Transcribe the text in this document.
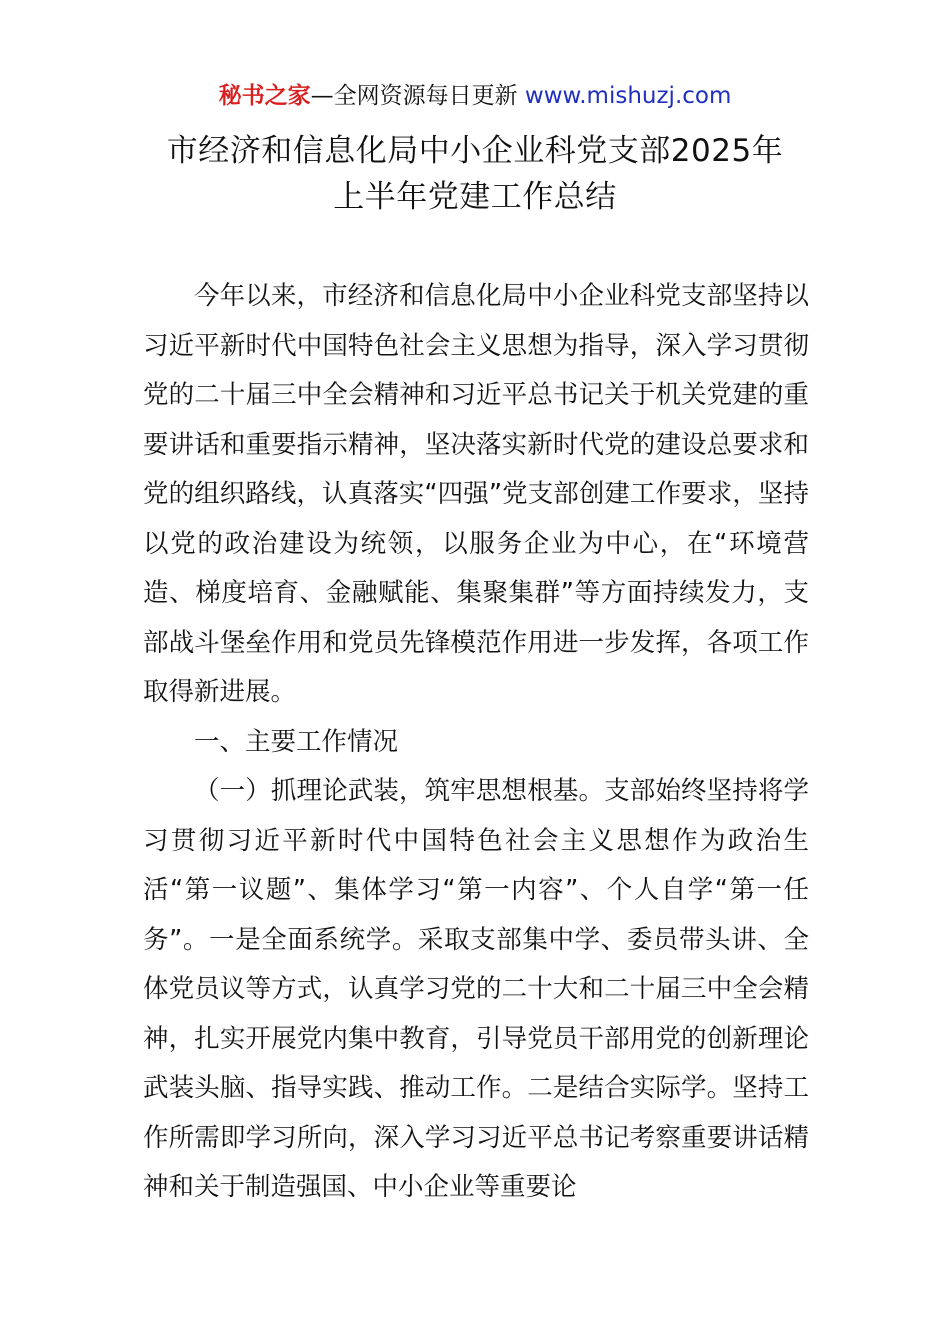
秘书之家—全网资源每日更新 www.mishuzj.com
市经济和信息化局中小企业科党支部2025年
上半年党建工作总结

今年以来，市经济和信息化局中小企业科党支部坚持以习近平新时代中国特色社会主义思想为指导，深入学习贯彻党的二十届三中全会精神和习近平总书记关于机关党建的重要讲话和重要指示精神，坚决落实新时代党的建设总要求和党的组织路线，认真落实“四强”党支部创建工作要求，坚持以党的政治建设为统领，以服务企业为中心，在“环境营造、梯度培育、金融赋能、集聚集群”等方面持续发力，支部战斗堡垒作用和党员先锋模范作用进一步发挥，各项工作取得新进展。

一、主要工作情况

（一）抓理论武装，筑牢思想根基。支部始终坚持将学习贯彻习近平新时代中国特色社会主义思想作为政治生活“第一议题”、集体学习“第一内容”、个人自学“第一任务”。一是全面系统学。采取支部集中学、委员带头讲、全体党员议等方式，认真学习党的二十大和二十届三中全会精神，扎实开展党内集中教育，引导党员干部用党的创新理论武装头脑、指导实践、推动工作。二是结合实际学。坚持工作所需即学习所向，深入学习习近平总书记考察重要讲话精神和关于制造强国、中小企业等重要论
